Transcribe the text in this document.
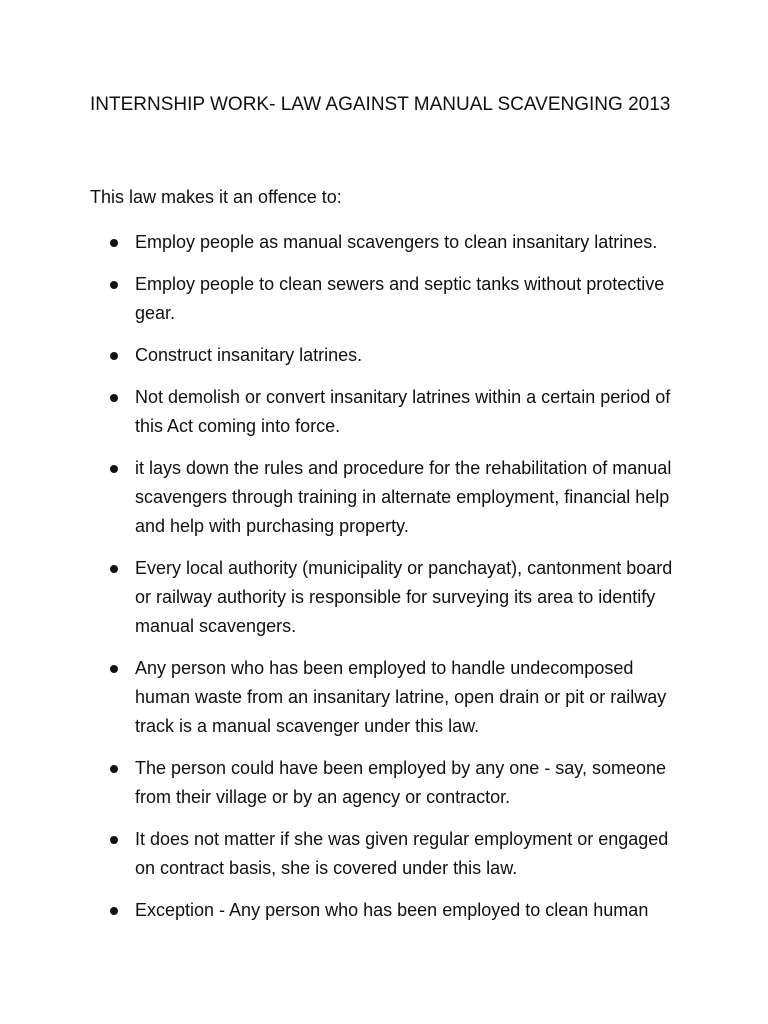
INTERNSHIP WORK- LAW AGAINST MANUAL SCAVENGING 2013

This law makes it an offence to:

Employ people as manual scavengers to clean insanitary latrines.
Employ people to clean sewers and septic tanks without protective gear.
Construct insanitary latrines.
Not demolish or convert insanitary latrines within a certain period of this Act coming into force.
it lays down the rules and procedure for the rehabilitation of manual scavengers through training in alternate employment, financial help and help with purchasing property.
Every local authority (municipality or panchayat), cantonment board or railway authority is responsible for surveying its area to identify manual scavengers.
Any person who has been employed to handle undecomposed human waste from an insanitary latrine, open drain or pit or railway track is a manual scavenger under this law.
The person could have been employed by any one - say, someone from their village or by an agency or contractor.
It does not matter if she was given regular employment or engaged on contract basis, she is covered under this law.
Exception - Any person who has been employed to clean human
